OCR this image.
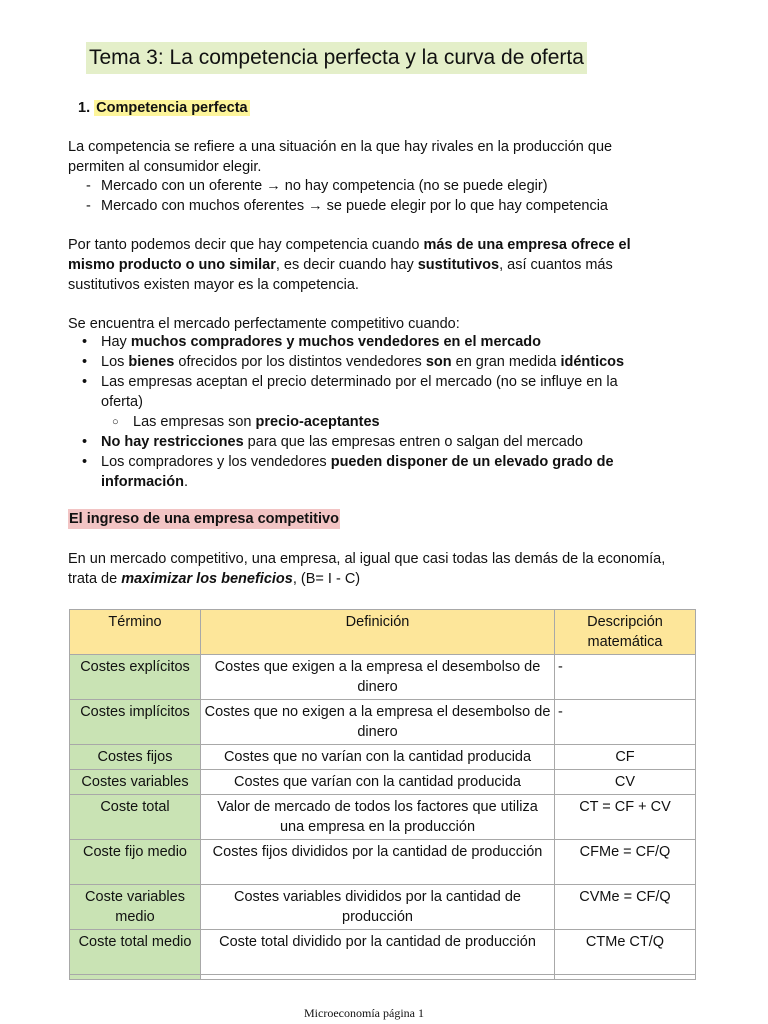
Tema 3: La competencia perfecta y la curva de oferta
1. Competencia perfecta
La competencia se refiere a una situación en la que hay rivales en la producción que
permiten al consumidor elegir.
- Mercado con un oferente → no hay competencia (no se puede elegir)
- Mercado con muchos oferentes → se puede elegir por lo que hay competencia
Por tanto podemos decir que hay competencia cuando más de una empresa ofrece el mismo producto o uno similar, es decir cuando hay sustitutivos, así cuantos más sustitutivos existen mayor es la competencia.
Se encuentra el mercado perfectamente competitivo cuando:
• Hay muchos compradores y muchos vendedores en el mercado
• Los bienes ofrecidos por los distintos vendedores son en gran medida idénticos
• Las empresas aceptan el precio determinado por el mercado (no se influye en la oferta)
○ Las empresas son precio-aceptantes
• No hay restricciones para que las empresas entren o salgan del mercado
• Los compradores y los vendedores pueden disponer de un elevado grado de información.
El ingreso de una empresa competitivo
En un mercado competitivo, una empresa, al igual que casi todas las demás de la economía, trata de maximizar los beneficios, (B= I - C)
Término	Definición	Descripción matemática
Costes explícitos	Costes que exigen a la empresa el desembolso de dinero	-
Costes implícitos	Costes que no exigen a la empresa el desembolso de dinero	-
Costes fijos	Costes que no varían con la cantidad producida	CF
Costes variables	Costes que varían con la cantidad producida	CV
Coste total	Valor de mercado de todos los factores que utiliza una empresa en la producción	CT = CF + CV
Coste fijo medio	Costes fijos divididos por la cantidad de producción	CFMe = CF/Q
Coste variables medio	Costes variables divididos por la cantidad de producción	CVMe = CF/Q
Coste total medio	Coste total dividido por la cantidad de producción	CTMe CT/Q

Microeconomía página 1
